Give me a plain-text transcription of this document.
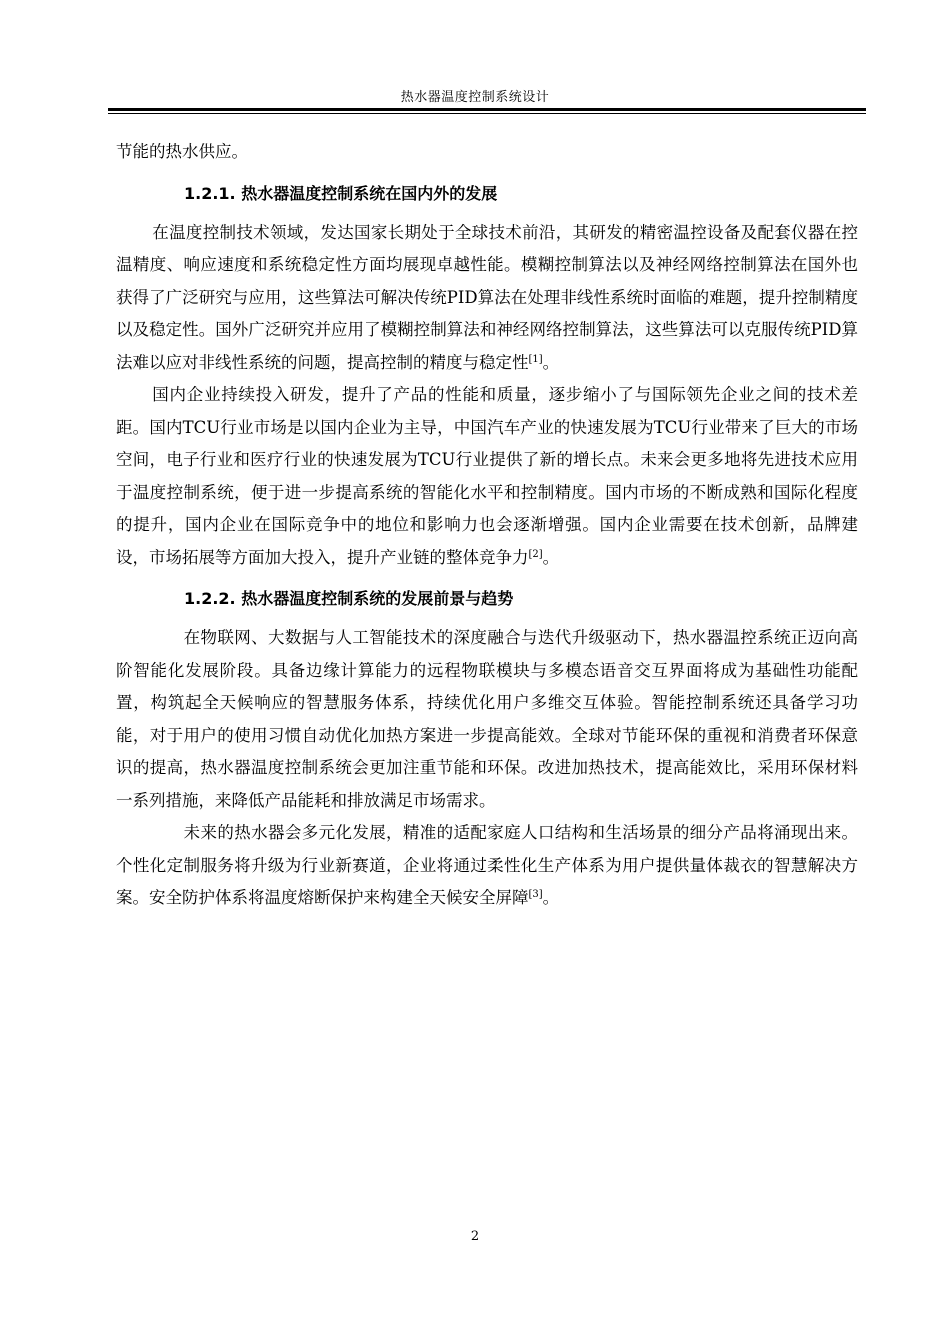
热水器温度控制系统设计

节能的热水供应。

1.2.1. 热水器温度控制系统在国内外的发展

在温度控制技术领域，发达国家长期处于全球技术前沿，其研发的精密温控设备及配套仪器在控温精度、响应速度和系统稳定性方面均展现卓越性能。模糊控制算法以及神经网络控制算法在国外也获得了广泛研究与应用，这些算法可解决传统PID算法在处理非线性系统时面临的难题，提升控制精度以及稳定性。国外广泛研究并应用了模糊控制算法和神经网络控制算法，这些算法可以克服传统PID算法难以应对非线性系统的问题，提高控制的精度与稳定性[1]。

国内企业持续投入研发，提升了产品的性能和质量，逐步缩小了与国际领先企业之间的技术差距。国内TCU行业市场是以国内企业为主导，中国汽车产业的快速发展为TCU行业带来了巨大的市场空间，电子行业和医疗行业的快速发展为TCU行业提供了新的增长点。未来会更多地将先进技术应用于温度控制系统，便于进一步提高系统的智能化水平和控制精度。国内市场的不断成熟和国际化程度的提升，国内企业在国际竞争中的地位和影响力也会逐渐增强。国内企业需要在技术创新，品牌建设，市场拓展等方面加大投入，提升产业链的整体竞争力[2]。

1.2.2. 热水器温度控制系统的发展前景与趋势

在物联网、大数据与人工智能技术的深度融合与迭代升级驱动下，热水器温控系统正迈向高阶智能化发展阶段。具备边缘计算能力的远程物联模块与多模态语音交互界面将成为基础性功能配置，构筑起全天候响应的智慧服务体系，持续优化用户多维交互体验。智能控制系统还具备学习功能，对于用户的使用习惯自动优化加热方案进一步提高能效。全球对节能环保的重视和消费者环保意识的提高，热水器温度控制系统会更加注重节能和环保。改进加热技术，提高能效比，采用环保材料一系列措施，来降低产品能耗和排放满足市场需求。

未来的热水器会多元化发展，精准的适配家庭人口结构和生活场景的细分产品将涌现出来。个性化定制服务将升级为行业新赛道，企业将通过柔性化生产体系为用户提供量体裁衣的智慧解决方案。安全防护体系将温度熔断保护来构建全天候安全屏障[3]。

2
